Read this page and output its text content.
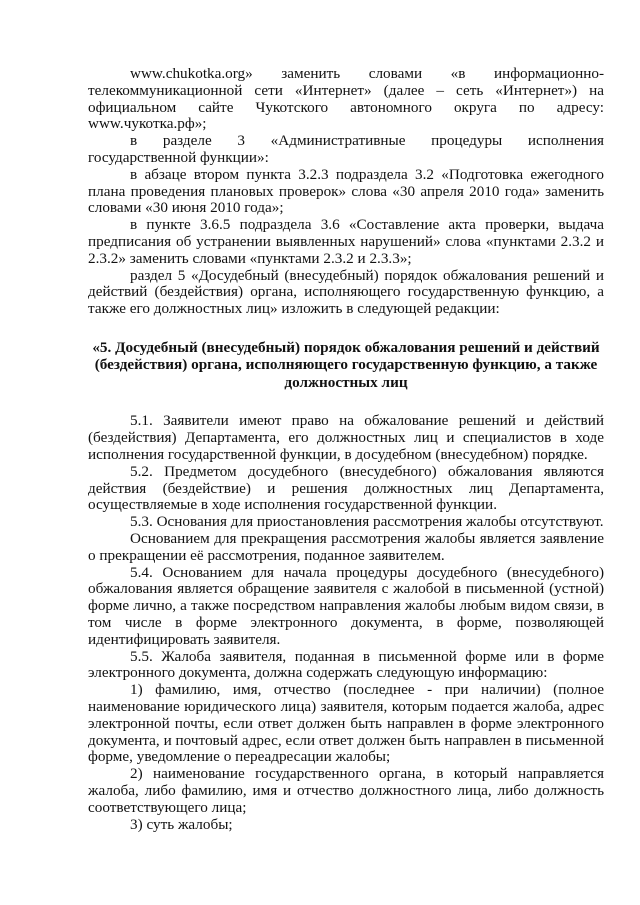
www.chukotka.org» заменить словами «в информационно-телекоммуникационной сети «Интернет» (далее – сеть «Интернет») на официальном сайте Чукотского автономного округа по адресу: www.чукотка.рф»;

в разделе 3 «Административные процедуры исполнения государственной функции»:

в абзаце втором пункта 3.2.3 подраздела 3.2 «Подготовка ежегодного плана проведения плановых проверок» слова «30 апреля 2010 года» заменить словами «30 июня 2010 года»;

в пункте 3.6.5 подраздела 3.6 «Составление акта проверки, выдача предписания об устранении выявленных нарушений» слова «пунктами 2.3.2 и 2.3.2» заменить словами «пунктами 2.3.2 и 2.3.3»;

раздел 5 «Досудебный (внесудебный) порядок обжалования решений и действий (бездействия) органа, исполняющего государственную функцию, а также его должностных лиц» изложить в следующей редакции:

«5. Досудебный (внесудебный) порядок обжалования решений и действий (бездействия) органа, исполняющего государственную функцию, а также должностных лиц

5.1. Заявители имеют право на обжалование решений и действий (бездействия) Департамента, его должностных лиц и специалистов в ходе исполнения государственной функции, в досудебном (внесудебном) порядке.

5.2. Предметом досудебного (внесудебного) обжалования являются действия (бездействие) и решения должностных лиц Департамента, осуществляемые в ходе исполнения государственной функции.

5.3. Основания для приостановления рассмотрения жалобы отсутствуют.

Основанием для прекращения рассмотрения жалобы является заявление о прекращении её рассмотрения, поданное заявителем.

5.4. Основанием для начала процедуры досудебного (внесудебного) обжалования является обращение заявителя с жалобой в письменной (устной) форме лично, а также посредством направления жалобы любым видом связи, в том числе в форме электронного документа, в форме, позволяющей идентифицировать заявителя.

5.5. Жалоба заявителя, поданная в письменной форме или в форме электронного документа, должна содержать следующую информацию:

1) фамилию, имя, отчество (последнее - при наличии) (полное наименование юридического лица) заявителя, которым подается жалоба, адрес электронной почты, если ответ должен быть направлен в форме электронного документа, и почтовый адрес, если ответ должен быть направлен в письменной форме, уведомление о переадресации жалобы;

2) наименование государственного органа, в который направляется жалоба, либо фамилию, имя и отчество должностного лица, либо должность соответствующего лица;

3) суть жалобы;
